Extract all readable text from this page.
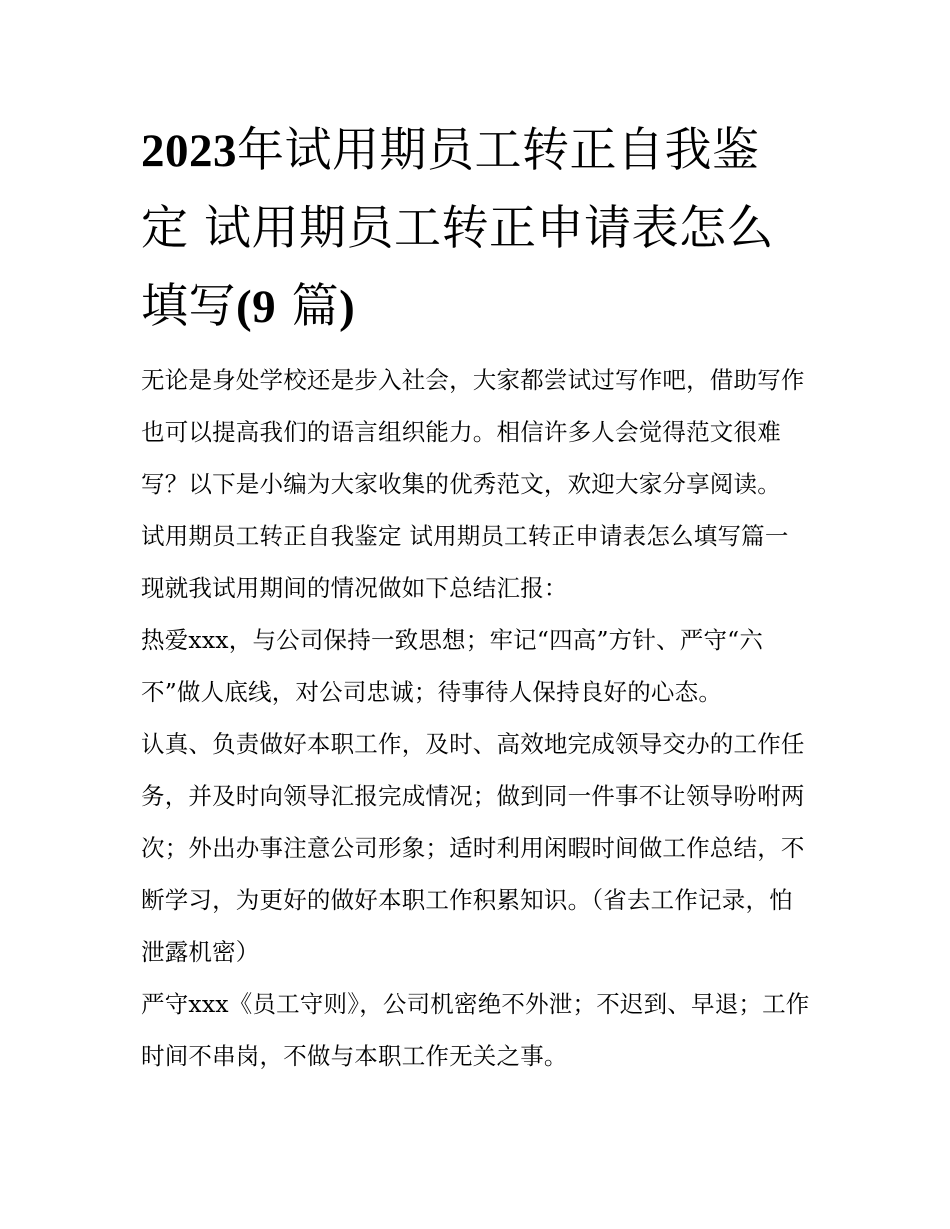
2023年试用期员工转正自我鉴
定 试用期员工转正申请表怎么
填写(9 篇)

无论是身处学校还是步入社会，大家都尝试过写作吧，借助写作也可以提高我们的语言组织能力。相信许多人会觉得范文很难写？以下是小编为大家收集的优秀范文，欢迎大家分享阅读。

试用期员工转正自我鉴定 试用期员工转正申请表怎么填写篇一 现就我试用期间的情况做如下总结汇报：

热爱xxx，与公司保持一致思想；牢记“四高”方针、严守“六不”做人底线，对公司忠诚；待事待人保持良好的心态。

认真、负责做好本职工作，及时、高效地完成领导交办的工作任务，并及时向领导汇报完成情况；做到同一件事不让领导吩咐两次；外出办事注意公司形象；适时利用闲暇时间做工作总结，不断学习，为更好的做好本职工作积累知识。（省去工作记录，怕泄露机密）

严守xxx《员工守则》，公司机密绝不外泄；不迟到、早退；工作时间不串岗，不做与本职工作无关之事。
